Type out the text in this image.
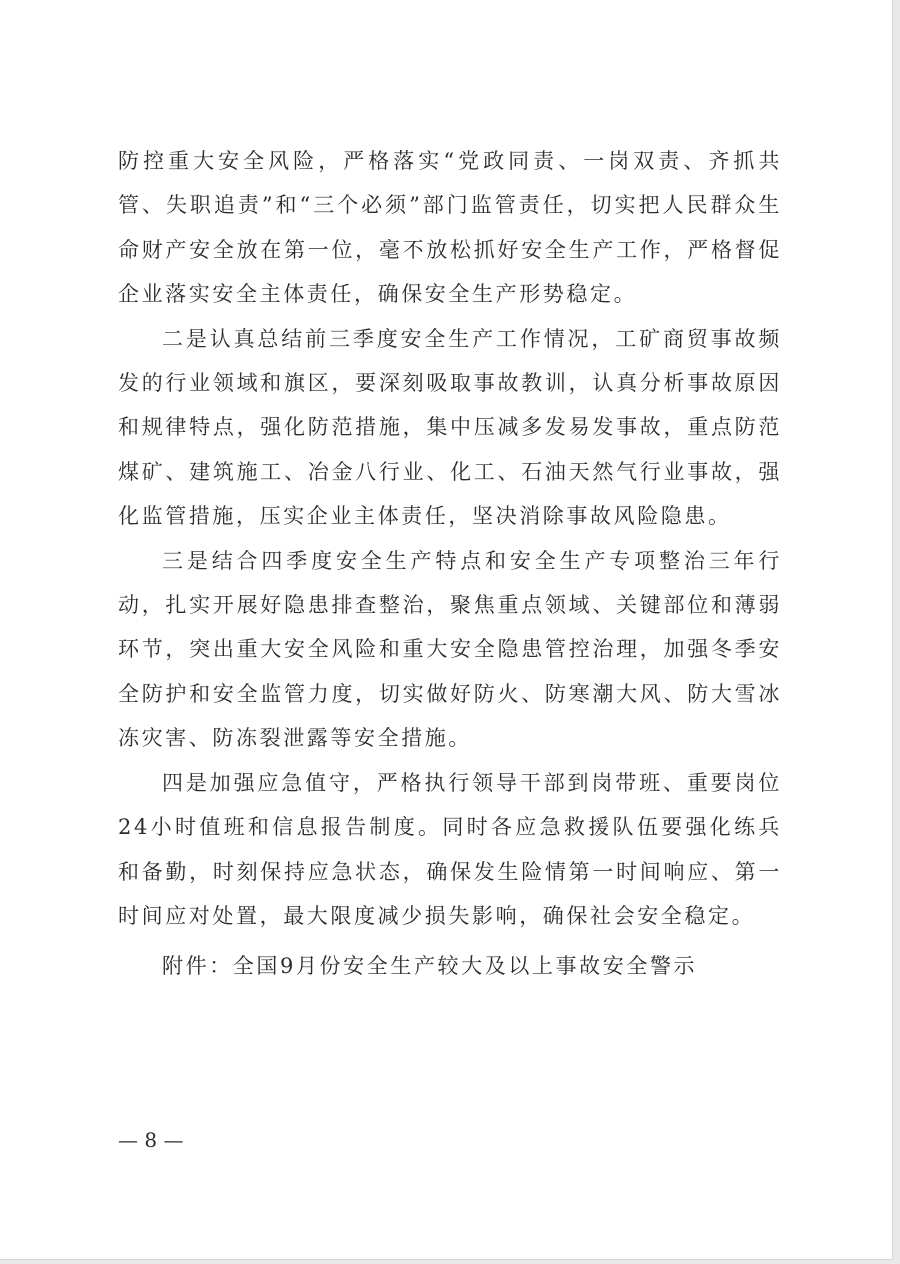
防控重大安全风险，严格落实“党政同责、一岗双责、齐抓共管、失职追责”和“三个必须”部门监管责任，切实把人民群众生命财产安全放在第一位，毫不放松抓好安全生产工作，严格督促企业落实安全主体责任，确保安全生产形势稳定。

二是认真总结前三季度安全生产工作情况，工矿商贸事故频发的行业领域和旗区，要深刻吸取事故教训，认真分析事故原因和规律特点，强化防范措施，集中压减多发易发事故，重点防范煤矿、建筑施工、冶金八行业、化工、石油天然气行业事故，强化监管措施，压实企业主体责任，坚决消除事故风险隐患。

三是结合四季度安全生产特点和安全生产专项整治三年行动，扎实开展好隐患排查整治，聚焦重点领域、关键部位和薄弱环节，突出重大安全风险和重大安全隐患管控治理，加强冬季安全防护和安全监管力度，切实做好防火、防寒潮大风、防大雪冰冻灾害、防冻裂泄露等安全措施。

四是加强应急值守，严格执行领导干部到岗带班、重要岗位24小时值班和信息报告制度。同时各应急救援队伍要强化练兵和备勤，时刻保持应急状态，确保发生险情第一时间响应、第一时间应对处置，最大限度减少损失影响，确保社会安全稳定。

附件：全国9月份安全生产较大及以上事故安全警示

— 8 —
